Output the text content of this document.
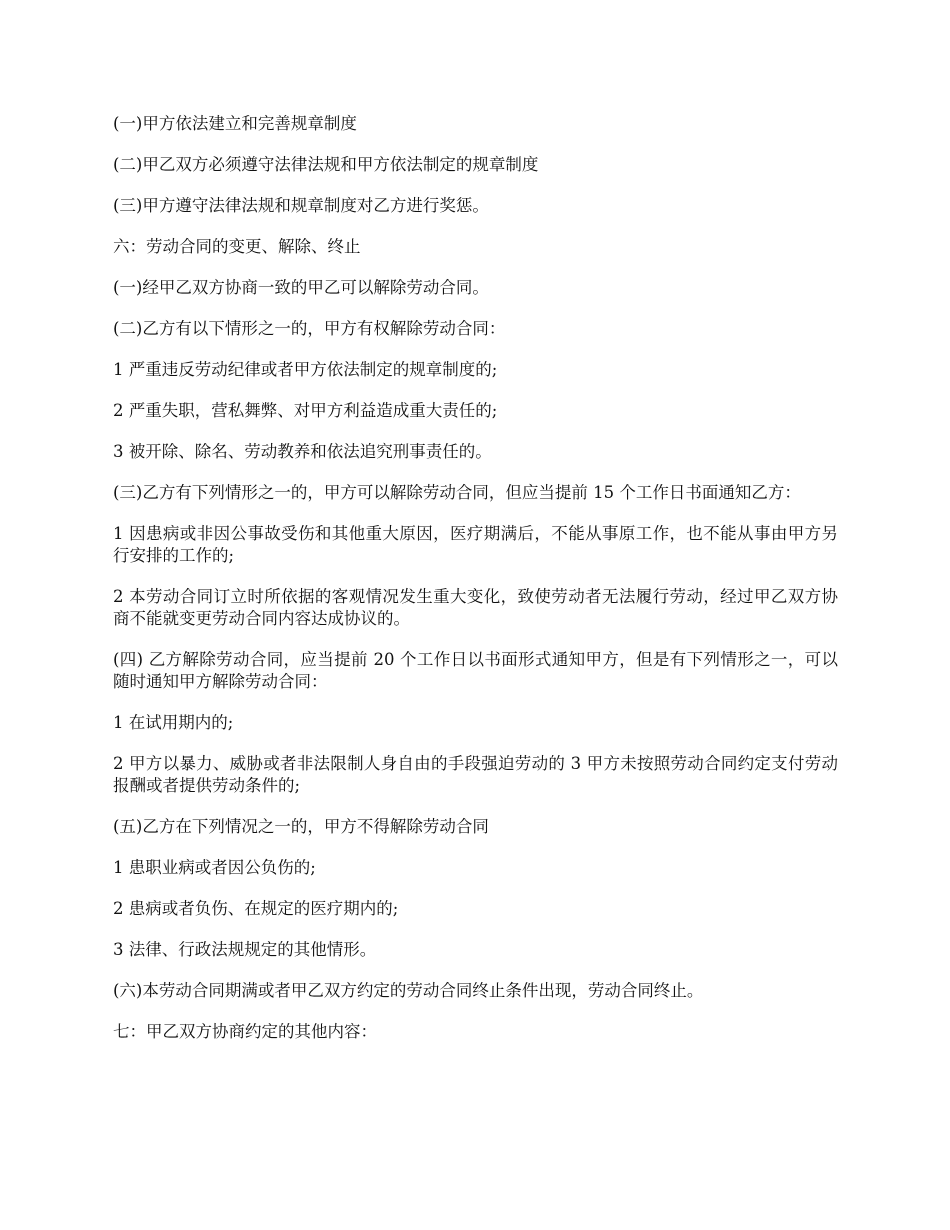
(一)甲方依法建立和完善规章制度

(二)甲乙双方必须遵守法律法规和甲方依法制定的规章制度

(三)甲方遵守法律法规和规章制度对乙方进行奖惩。

六：劳动合同的变更、解除、终止

(一)经甲乙双方协商一致的甲乙可以解除劳动合同。

(二)乙方有以下情形之一的，甲方有权解除劳动合同：

1 严重违反劳动纪律或者甲方依法制定的规章制度的;

2 严重失职，营私舞弊、对甲方利益造成重大责任的;

3 被开除、除名、劳动教养和依法追究刑事责任的。

(三)乙方有下列情形之一的，甲方可以解除劳动合同，但应当提前 15 个工作日书面通知乙方：

1 因患病或非因公事故受伤和其他重大原因，医疗期满后，不能从事原工作，也不能从事由甲方另行安排的工作的;

2 本劳动合同订立时所依据的客观情况发生重大变化，致使劳动者无法履行劳动，经过甲乙双方协商不能就变更劳动合同内容达成协议的。

(四) 乙方解除劳动合同，应当提前 20 个工作日以书面形式通知甲方，但是有下列情形之一，可以随时通知甲方解除劳动合同：

1 在试用期内的;

2 甲方以暴力、威胁或者非法限制人身自由的手段强迫劳动的 3 甲方未按照劳动合同约定支付劳动报酬或者提供劳动条件的;

(五)乙方在下列情况之一的，甲方不得解除劳动合同

1 患职业病或者因公负伤的;

2 患病或者负伤、在规定的医疗期内的;

3 法律、行政法规规定的其他情形。

(六)本劳动合同期满或者甲乙双方约定的劳动合同终止条件出现，劳动合同终止。

七：甲乙双方协商约定的其他内容：
